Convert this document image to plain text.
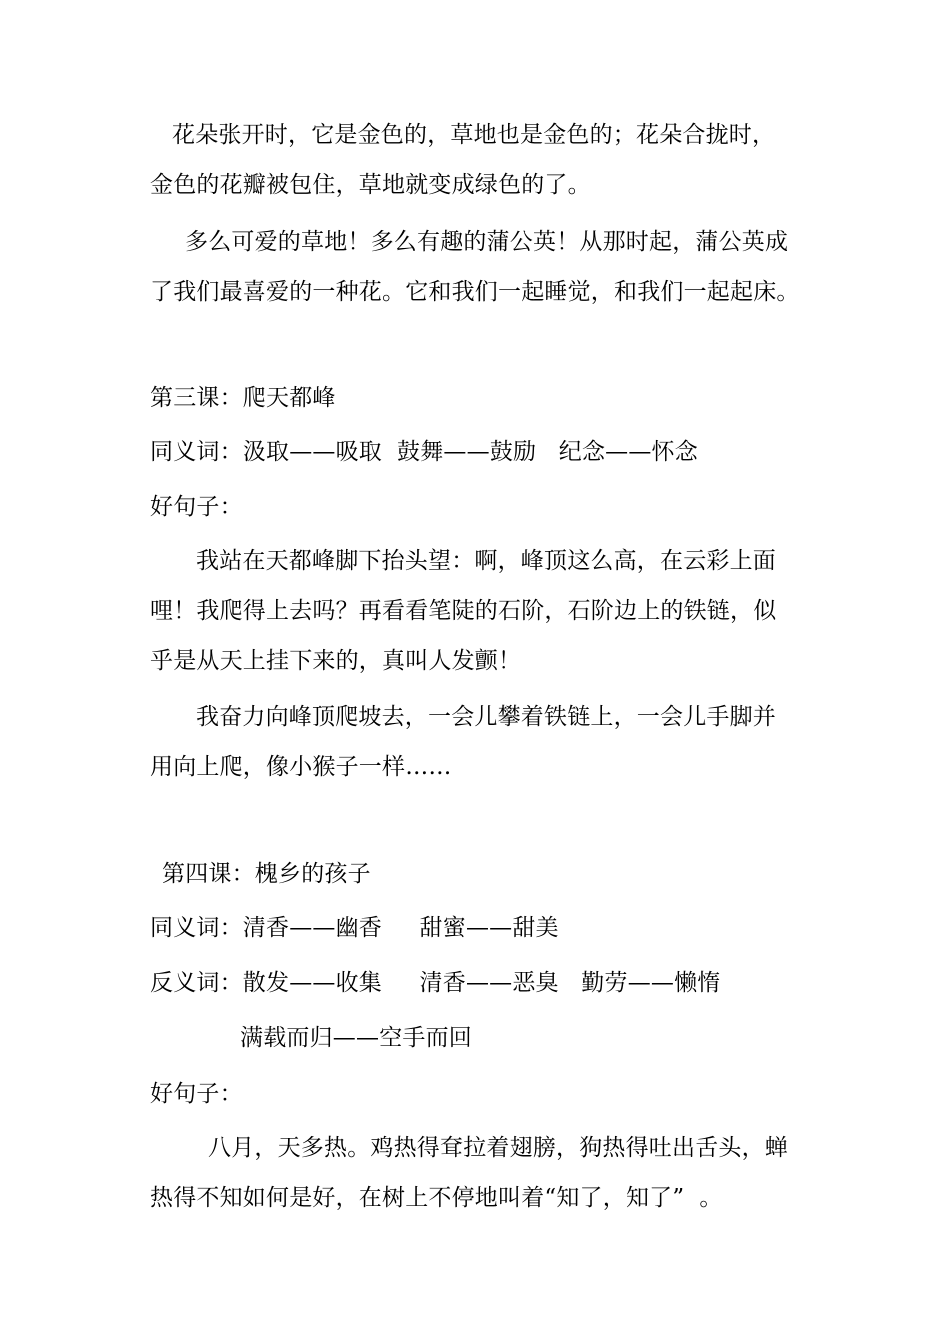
花朵张开时，它是金色的，草地也是金色的；花朵合拢时，
金色的花瓣被包住，草地就变成绿色的了。
多么可爱的草地！多么有趣的蒲公英！从那时起，蒲公英成
了我们最喜爱的一种花。它和我们一起睡觉，和我们一起起床。
第三课：爬天都峰
同义词：汲取——吸取  鼓舞——鼓励   纪念——怀念
好句子：
我站在天都峰脚下抬头望：啊，峰顶这么高，在云彩上面
哩！我爬得上去吗？再看看笔陡的石阶，石阶边上的铁链，似
乎是从天上挂下来的，真叫人发颤！
我奋力向峰顶爬坡去，一会儿攀着铁链上，一会儿手脚并
用向上爬，像小猴子一样……
第四课：槐乡的孩子
同义词：清香——幽香     甜蜜——甜美
反义词：散发——收集     清香——恶臭   勤劳——懒惰
满载而归——空手而回
好句子：
八月，天多热。鸡热得耷拉着翅膀，狗热得吐出舌头，蝉
热得不知如何是好，在树上不停地叫着“知了，知了”  。
